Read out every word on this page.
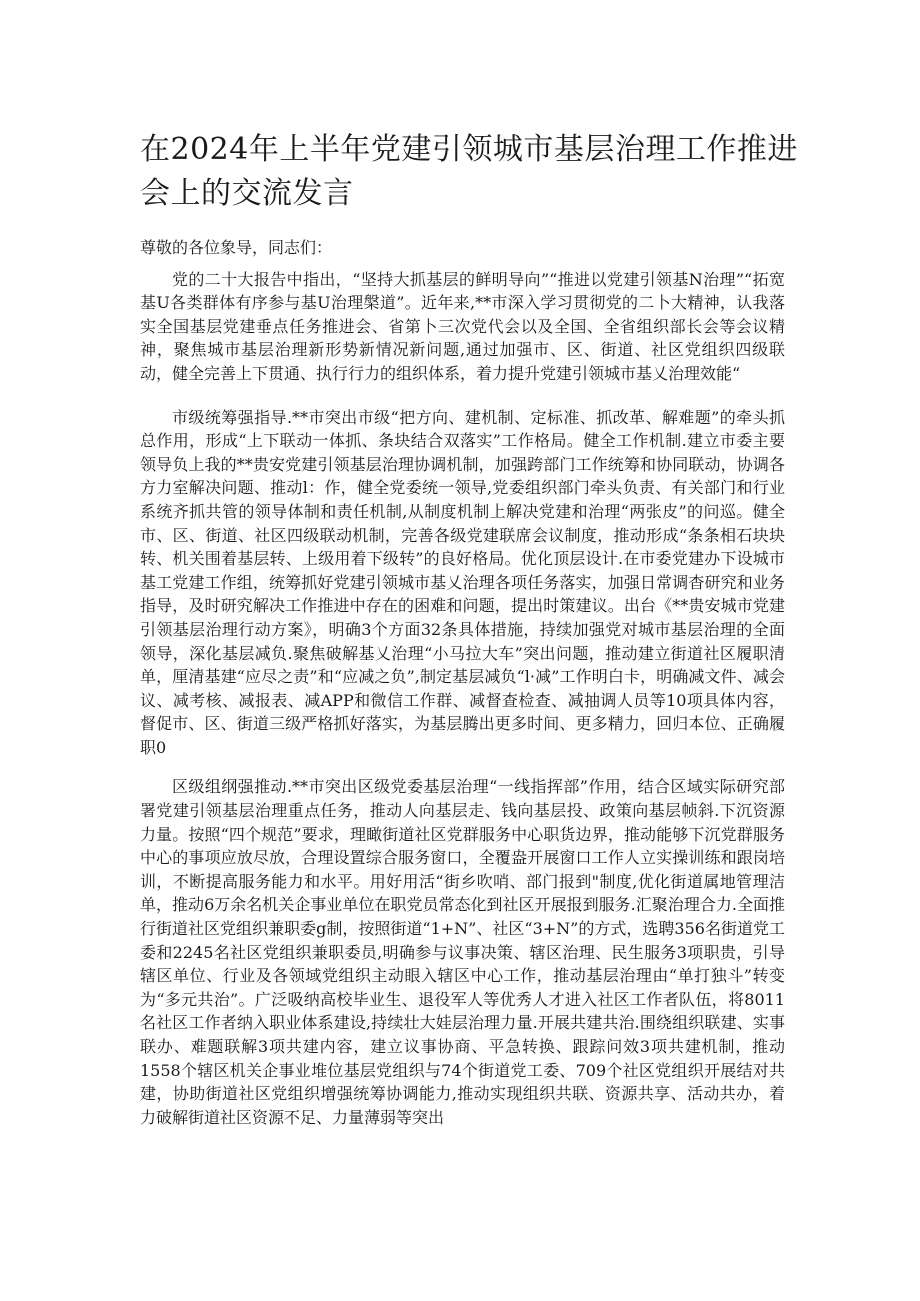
在2024年上半年党建引领城市基层治理工作推进会上的交流发言

尊敬的各位象导，同志们：

党的二十大报告中指出，“坚持大抓基层的鲜明导向”“推进以党建引领基N治理”“拓宽基U各类群体有序参与基U治理槃道”。近年来,**市深入学习贯彻党的二卜大精神，认我落实全国基层党建垂点任务推进会、省第卜三次党代会以及全国、全省组织部长会等会议精神，聚焦城市基层治理新形势新情况新问题,通过加强市、区、街道、社区党组织四级联动，健全完善上下贯通、执行行力的组织体系，着力提升党建引领城市基乂治理效能“

市级统筹强指导.**市突出市级“把方向、建机制、定标准、抓改革、解难题”的牵头抓总作用，形成“上下联动一体抓、条块结合双落实”工作格局。健全工作机制.建立市委主要领导负上我的**贵安党建引领基层治理协调机制，加强跨部门工作统筹和协同联动，协调各方力室解决问题、推动l：作，健全党委统一领导,党委组织部门牵头负责、有关部门和行业系统齐抓共管的领导体制和责任机制,从制度机制上解决党建和治理“两张皮”的问巡。健全市、区、街道、社区四级联动机制，完善各级党建联席会议制度，推动形成“条条相石块块转、机关围着基层转、上级用着下级转”的良好格局。优化顶层设计.在市委党建办下设城市基工党建工作组，统筹抓好党建引领城市基乂治理各项任务落实，加强日常调杳研究和业务指导，及时研究解决工作推进中存在的困难和问题，提出时策建议。出台《**贵安城市党建引领基层治理行动方案》，明确3个方面32条具体措施，持续加强党对城市基层治理的全面领导，深化基层减负.聚焦破解基乂治理“小马拉大车”突出问题，推动建立街道社区履职清单，厘清基建“应尽之责”和“应减之负”,制定基层减负“l·减”工作明白卡，明确减文件、减会议、减考核、减报表、减APP和微信工作群、减督查检查、减抽调人员等10项具体内容，督促市、区、街道三级严格抓好落实，为基层腾出更多时间、更多精力，回归本位、正确履职0

区级组纲强推动.**市突出区级党委基层治理“一线指挥部”作用，结合区域实际研究部署党建引领基层治理重点任务，推动人向基层走、钱向基层投、政策向基层帧斜.下沉资源力量。按照“四个规范”要求，理瞰街道社区党群服务中心职货边界，推动能够下沉党群服务中心的事项应放尽放，合理设置综合服务窗口，全覆盎开展窗口工作人立实操训练和跟岗培训，不断提高服务能力和水平。用好用活“街乡吹哨、部门报到"制度,优化街道属地管理洁单，推动6万余名机关企事业单位在职党员常态化到社区开展报到服务.汇聚治理合力.全面推行街道社区党组织兼职委g制，按照街道“1+N”、社区“3+N”的方式，选聘356名街道党工委和2245名社区党组织兼职委员,明确参与议事决策、辖区治理、民生服务3项职贵，引导辖区单位、行业及各领域党组织主动眼入辖区中心工作，推动基层治理由“单打独斗”转变为“多元共治”。广泛吸纳高校毕业生、退役军人等优秀人才进入社区工作者队伍，将8011名社区工作者纳入职业体系建设,持续壮大娃层治理力量.开展共建共治.围绕组织联建、实事联办、难题联解3项共建内容，建立议事协商、平急转换、跟踪问效3项共建机制，推动1558个辖区机关企事业堆位基层党组织与74个街道党工委、709个社区党组织开展结对共建，协助街道社区党组织增强统筹协调能力,推动实现组织共联、资源共享、活动共办，着力破解街道社区资源不足、力量薄弱等突出
